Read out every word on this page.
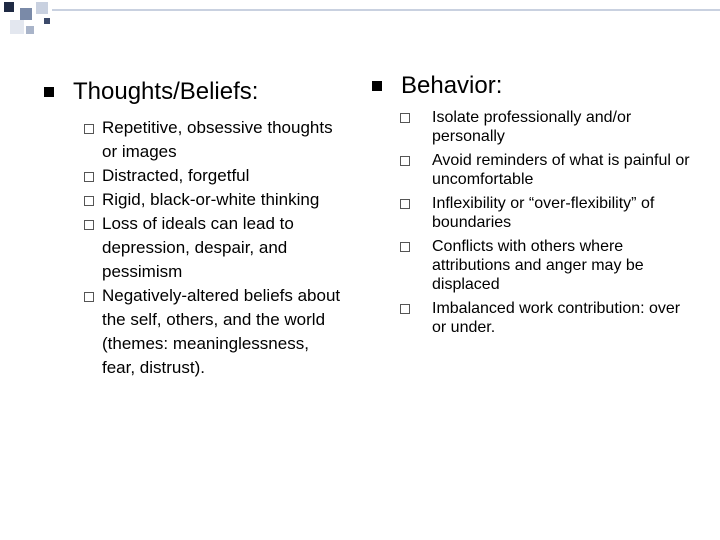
Thoughts/Beliefs:
Repetitive, obsessive thoughts or images
Distracted, forgetful
Rigid, black-or-white thinking
Loss of ideals can lead to depression, despair, and pessimism
Negatively-altered beliefs about the self, others, and the world (themes: meaninglessness, fear, distrust).
Behavior:
Isolate professionally and/or personally
Avoid reminders of what is painful or uncomfortable
Inflexibility or “over-flexibility” of boundaries
Conflicts with others where attributions and anger may be displaced
Imbalanced work contribution: over or under.
